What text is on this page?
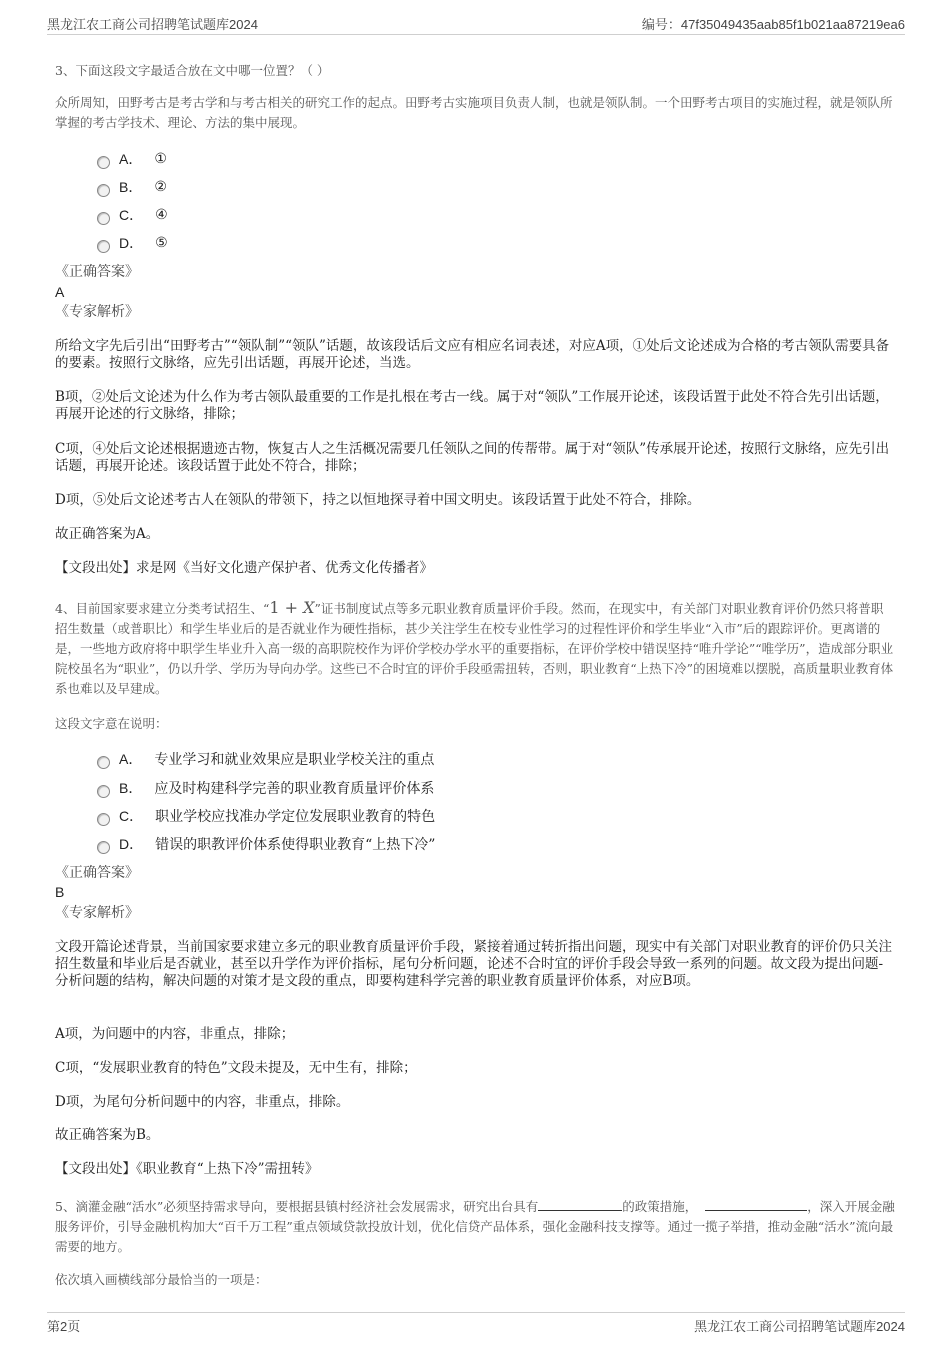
黑龙江农工商公司招聘笔试题库2024	编号：47f35049435aab85f1b021aa87219ea6
3、下面这段文字最适合放在文中哪一位置？（ ）
众所周知，田野考古是考古学和与考古相关的研究工作的起点。田野考古实施项目负责人制，也就是领队制。一个田野考古项目的实施过程，就是领队所掌握的考古学技术、理论、方法的集中展现。
A． ①
B． ②
C． ④
D． ⑤
《正确答案》
A
《专家解析》
所给文字先后引出“田野考古”“领队制”“领队”话题，故该段话后文应有相应名词表述，对应A项，①处后文论述成为合格的考古领队需要具备的要素。按照行文脉络，应先引出话题，再展开论述，当选。
B项，②处后文论述为什么作为考古领队最重要的工作是扎根在考古一线。属于对“领队”工作展开论述，该段话置于此处不符合先引出话题，再展开论述的行文脉络，排除；
C项，④处后文论述根据遗迹古物，恢复古人之生活概况需要几任领队之间的传帮带。属于对“领队”传承展开论述，按照行文脉络，应先引出话题，再展开论述。该段话置于此处不符合，排除；
D项，⑤处后文论述考古人在领队的带领下，持之以恒地探寻着中国文明史。该段话置于此处不符合，排除。
故正确答案为A。
【文段出处】求是网《当好文化遗产保护者、优秀文化传播者》
4、目前国家要求建立分类考试招生、“1 + X”证书制度试点等多元职业教育质量评价手段。然而，在现实中，有关部门对职业教育评价仍然只将普职招生数量（或普职比）和学生毕业后的是否就业作为硬性指标，甚少关注学生在校专业性学习的过程性评价和学生毕业“入市”后的跟踪评价。更离谱的是，一些地方政府将中职学生毕业升入高一级的高职院校作为评价学校办学水平的重要指标，在评价学校中错误坚持“唯升学论”“唯学历”，造成部分职业院校虽名为“职业”，仍以升学、学历为导向办学。这些已不合时宜的评价手段亟需扭转，否则，职业教育“上热下冷”的困境难以摆脱，高质量职业教育体系也难以及早建成。
这段文字意在说明：
A． 专业学习和就业效果应是职业学校关注的重点
B． 应及时构建科学完善的职业教育质量评价体系
C． 职业学校应找准办学定位发展职业教育的特色
D． 错误的职教评价体系使得职业教育“上热下冷”
《正确答案》
B
《专家解析》
文段开篇论述背景，当前国家要求建立多元的职业教育质量评价手段，紧接着通过转折指出问题，现实中有关部门对职业教育的评价仍只关注招生数量和毕业后是否就业，甚至以升学作为评价指标，尾句分析问题，论述不合时宜的评价手段会导致一系列的问题。故文段为提出问题-分析问题的结构，解决问题的对策才是文段的重点，即要构建科学完善的职业教育质量评价体系，对应B项。
A项，为问题中的内容，非重点，排除；
C项，“发展职业教育的特色”文段未提及，无中生有，排除；
D项，为尾句分析问题中的内容，非重点，排除。
故正确答案为B。
【文段出处】《职业教育“上热下冷”需扭转》
5、滴灌金融“活水”必须坚持需求导向，要根据县镇村经济社会发展需求，研究出台具有	的政策措施，	，深入开展金融服务评价，引导金融机构加大“百千万工程”重点领域贷款投放计划，优化信贷产品体系，强化金融科技支撑等。通过一揽子举措，推动金融“活水”流向最需要的地方。
依次填入画横线部分最恰当的一项是：
第2页	黑龙江农工商公司招聘笔试题库2024
